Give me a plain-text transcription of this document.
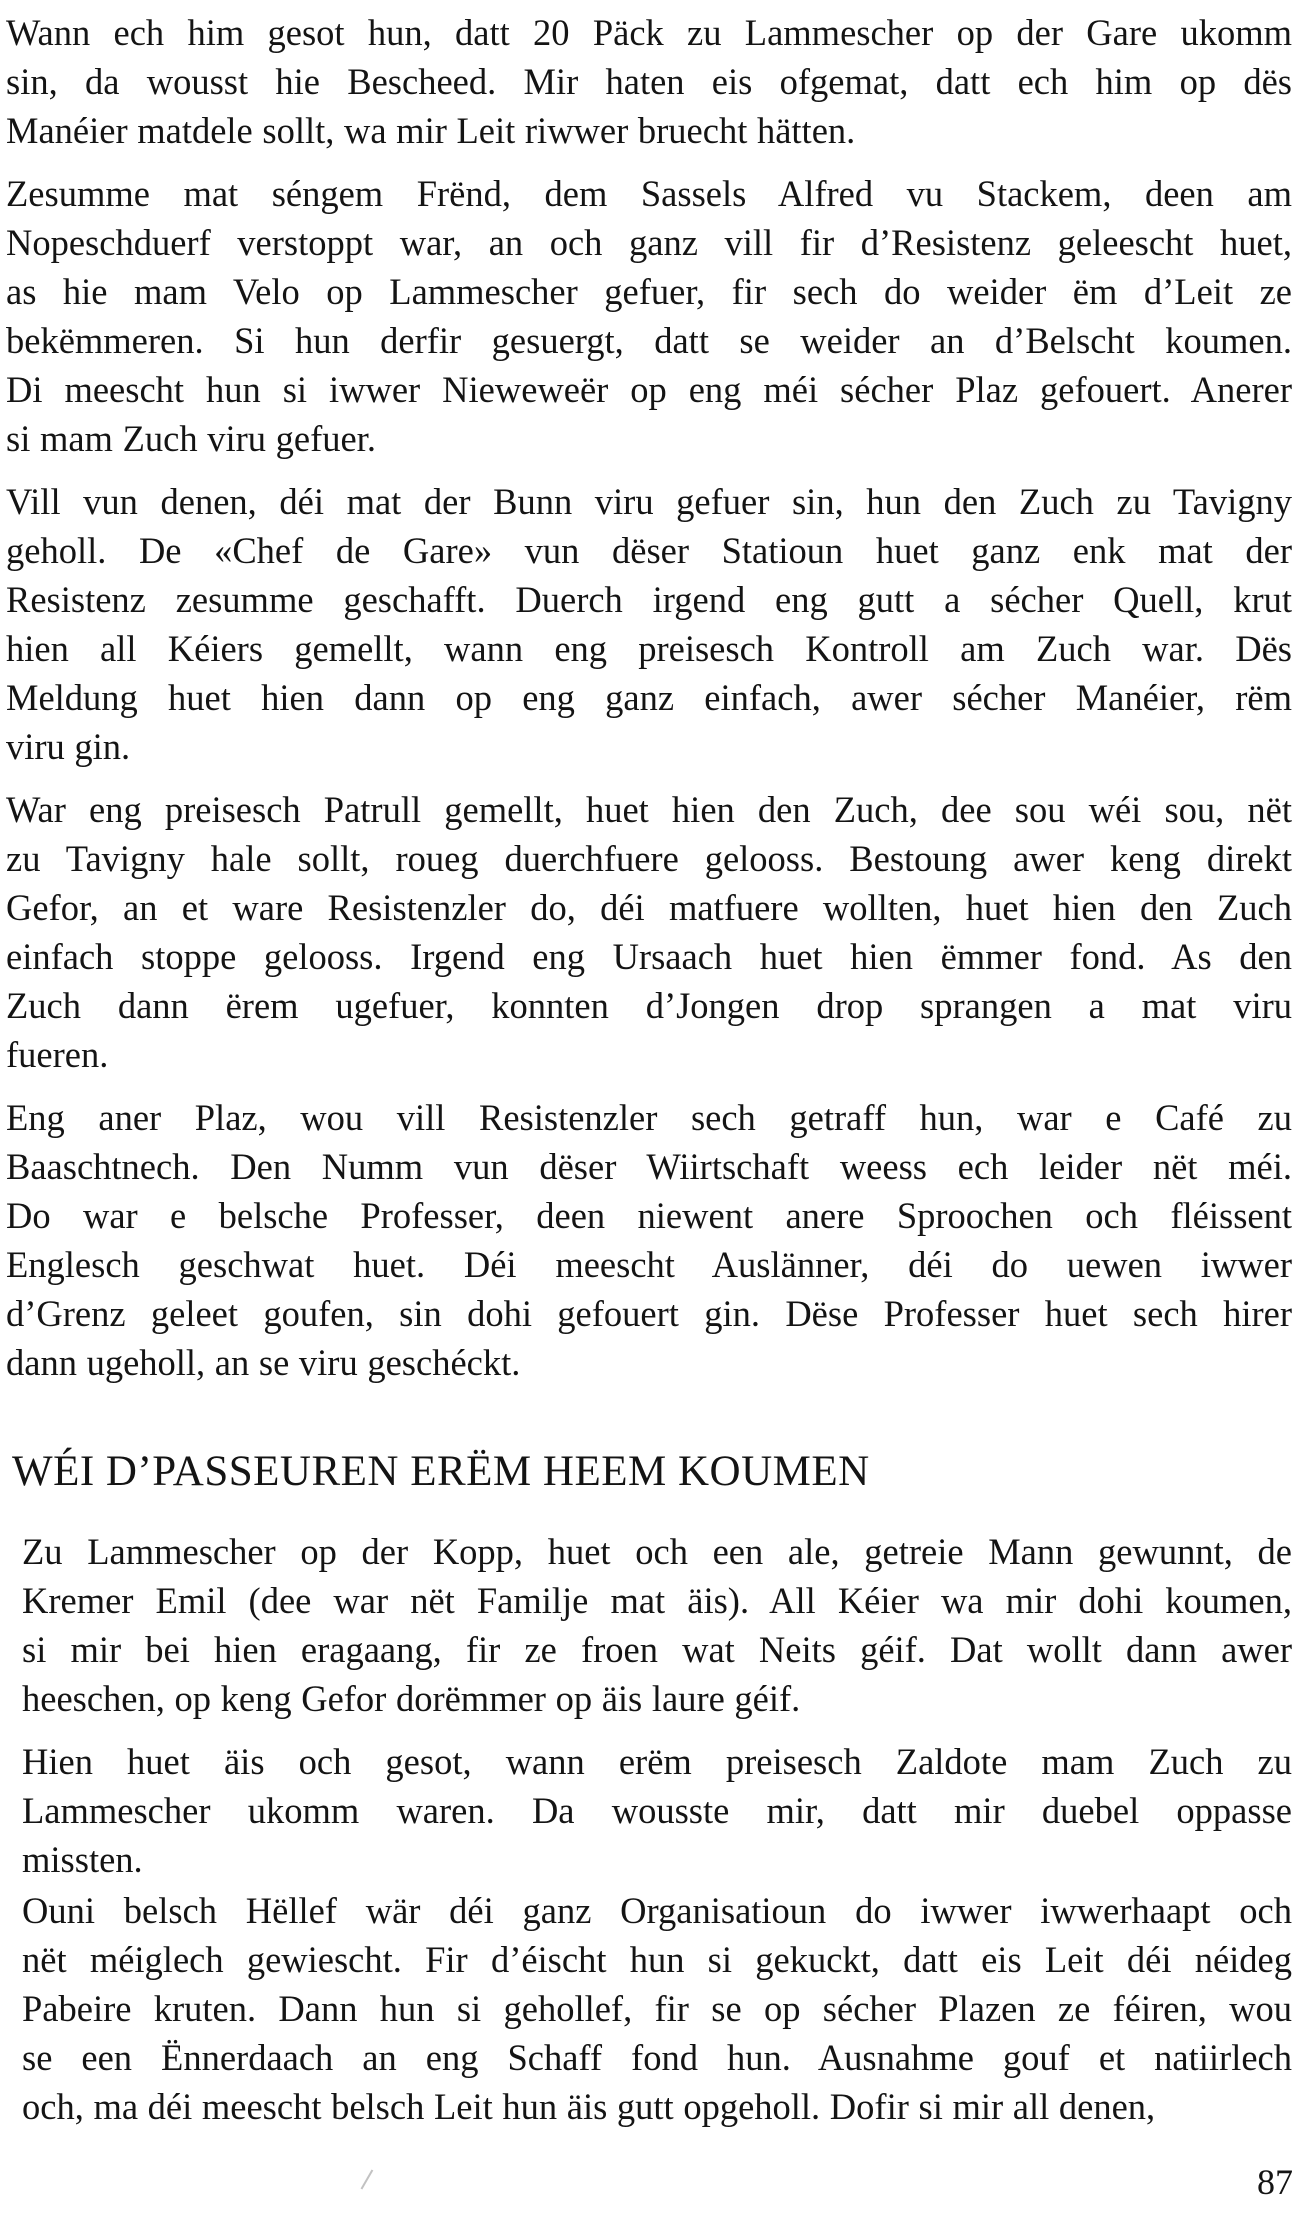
Wann ech him gesot hun, datt 20 Päck zu Lammescher op der Gare ukomm
sin, da wousst hie Bescheed. Mir haten eis ofgemat, datt ech him op dës
Manéier matdele sollt, wa mir Leit riwwer bruecht hätten.
Zesumme mat séngem Frënd, dem Sassels Alfred vu Stackem, deen am
Nopeschduerf verstoppt war, an och ganz vill fir d’Resistenz geleescht huet,
as hie mam Velo op Lammescher gefuer, fir sech do weider ëm d’Leit ze
bekëmmeren. Si hun derfir gesuergt, datt se weider an d’Belscht koumen.
Di meescht hun si iwwer Nieweweër op eng méi sécher Plaz gefouert. Anerer
si mam Zuch viru gefuer.
Vill vun denen, déi mat der Bunn viru gefuer sin, hun den Zuch zu Tavigny
geholl. De «Chef de Gare» vun dëser Statioun huet ganz enk mat der
Resistenz zesumme geschafft. Duerch irgend eng gutt a sécher Quell, krut
hien all Kéiers gemellt, wann eng preisesch Kontroll am Zuch war. Dës
Meldung huet hien dann op eng ganz einfach, awer sécher Manéier, rëm
viru gin.
War eng preisesch Patrull gemellt, huet hien den Zuch, dee sou wéi sou, nët
zu Tavigny hale sollt, roueg duerchfuere gelooss. Bestoung awer keng direkt
Gefor, an et ware Resistenzler do, déi matfuere wollten, huet hien den Zuch
einfach stoppe gelooss. Irgend eng Ursaach huet hien ëmmer fond. As den
Zuch dann ërem ugefuer, konnten d’Jongen drop sprangen a mat viru
fueren.
Eng aner Plaz, wou vill Resistenzler sech getraff hun, war e Café zu
Baaschtnech. Den Numm vun dëser Wiirtschaft weess ech leider nët méi.
Do war e belsche Professer, deen niewent anere Sproochen och fléissent
Englesch geschwat huet. Déi meescht Auslänner, déi do uewen iwwer
d’Grenz geleet goufen, sin dohi gefouert gin. Dëse Professer huet sech hirer
dann ugeholl, an se viru geschéckt.
WÉI D’PASSEUREN ERËM HEEM KOUMEN
Zu Lammescher op der Kopp, huet och een ale, getreie Mann gewunnt, de
Kremer Emil (dee war nët Familje mat äis). All Kéier wa mir dohi koumen,
si mir bei hien eragaang, fir ze froen wat Neits géif. Dat wollt dann awer
heeschen, op keng Gefor dorëmmer op äis laure géif.
Hien huet äis och gesot, wann erëm preisesch Zaldote mam Zuch zu
Lammescher ukomm waren. Da wousste mir, datt mir duebel oppasse
missten.
Ouni belsch Hëllef wär déi ganz Organisatioun do iwwer iwwerhaapt och
nët méiglech gewiescht. Fir d’éischt hun si gekuckt, datt eis Leit déi néideg
Pabeire kruten. Dann hun si gehollef, fir se op sécher Plazen ze féiren, wou
se een Ënnerdaach an eng Schaff fond hun. Ausnahme gouf et natiirlech
och, ma déi meescht belsch Leit hun äis gutt opgeholl. Dofir si mir all denen,
87
